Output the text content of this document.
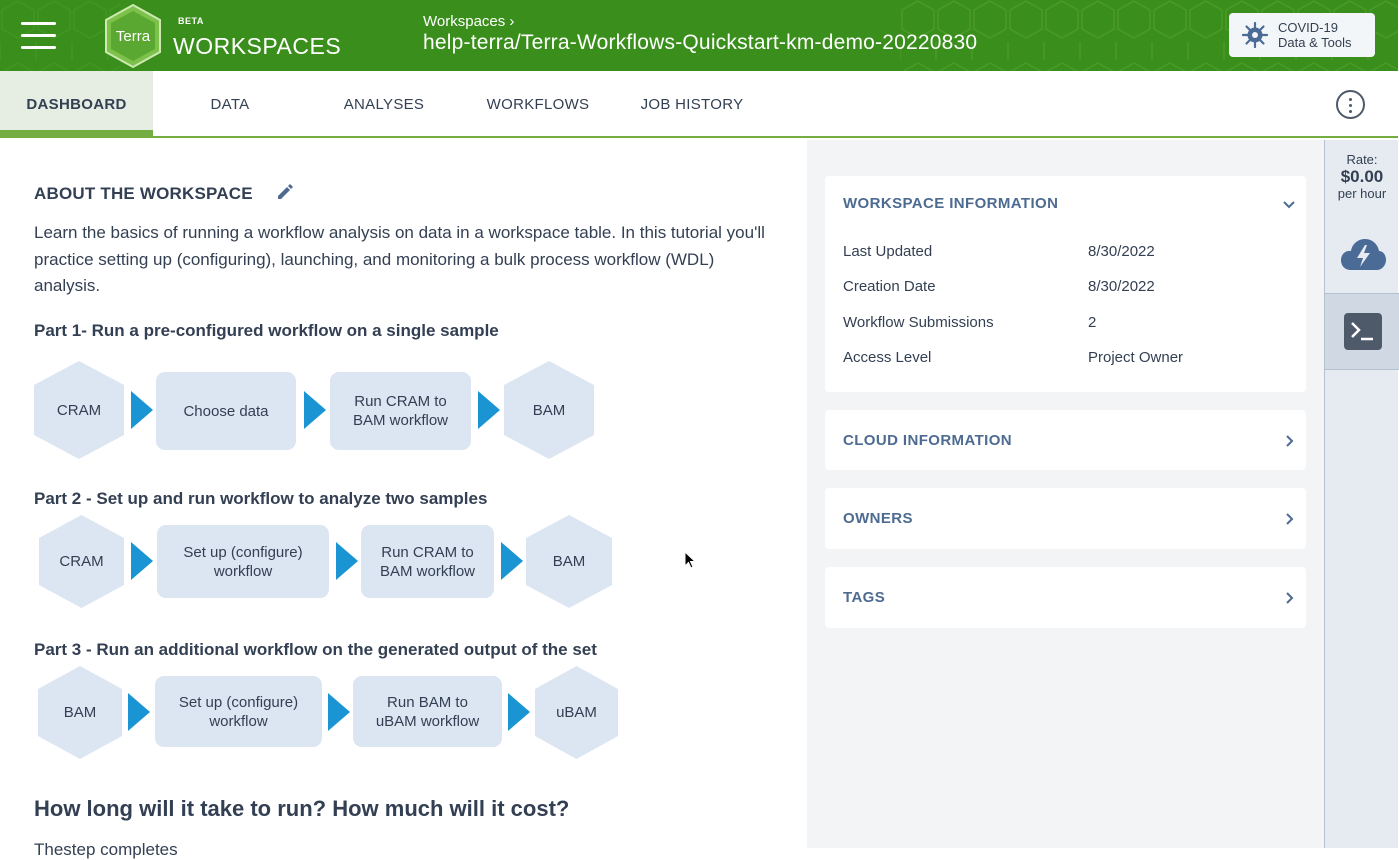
Terra
BETA
WORKSPACES
Workspaces ›
help-terra/Terra-Workflows-Quickstart-km-demo-20220830
COVID-19
Data & Tools
DASHBOARD	DATA	ANALYSES	WORKFLOWS	JOB HISTORY
ABOUT THE WORKSPACE
Learn the basics of running a workflow analysis on data in a workspace table. In this tutorial you'll practice setting up (configuring), launching, and monitoring a bulk process workflow (WDL) analysis.
Part 1- Run a pre-configured workflow on a single sample
CRAM	Choose data
Run CRAM to
BAM workflow
BAM
Part 2 - Set up and run workflow to analyze two samples
CRAM
Set up (configure)
workflow
Run CRAM to
BAM workflow
BAM
Part 3 - Run an additional workflow on the generated output of the set
BAM
Set up (configure)
workflow
Run BAM to
uBAM workflow	uBAM
How long will it take to run? How much will it cost?
Thestep completes
WORKSPACE INFORMATION
Last Updated	8/30/2022
Creation Date	8/30/2022
Workflow Submissions	2
Access Level	Project Owner
CLOUD INFORMATION
OWNERS
TAGS
Rate:
$0.00
per hour
